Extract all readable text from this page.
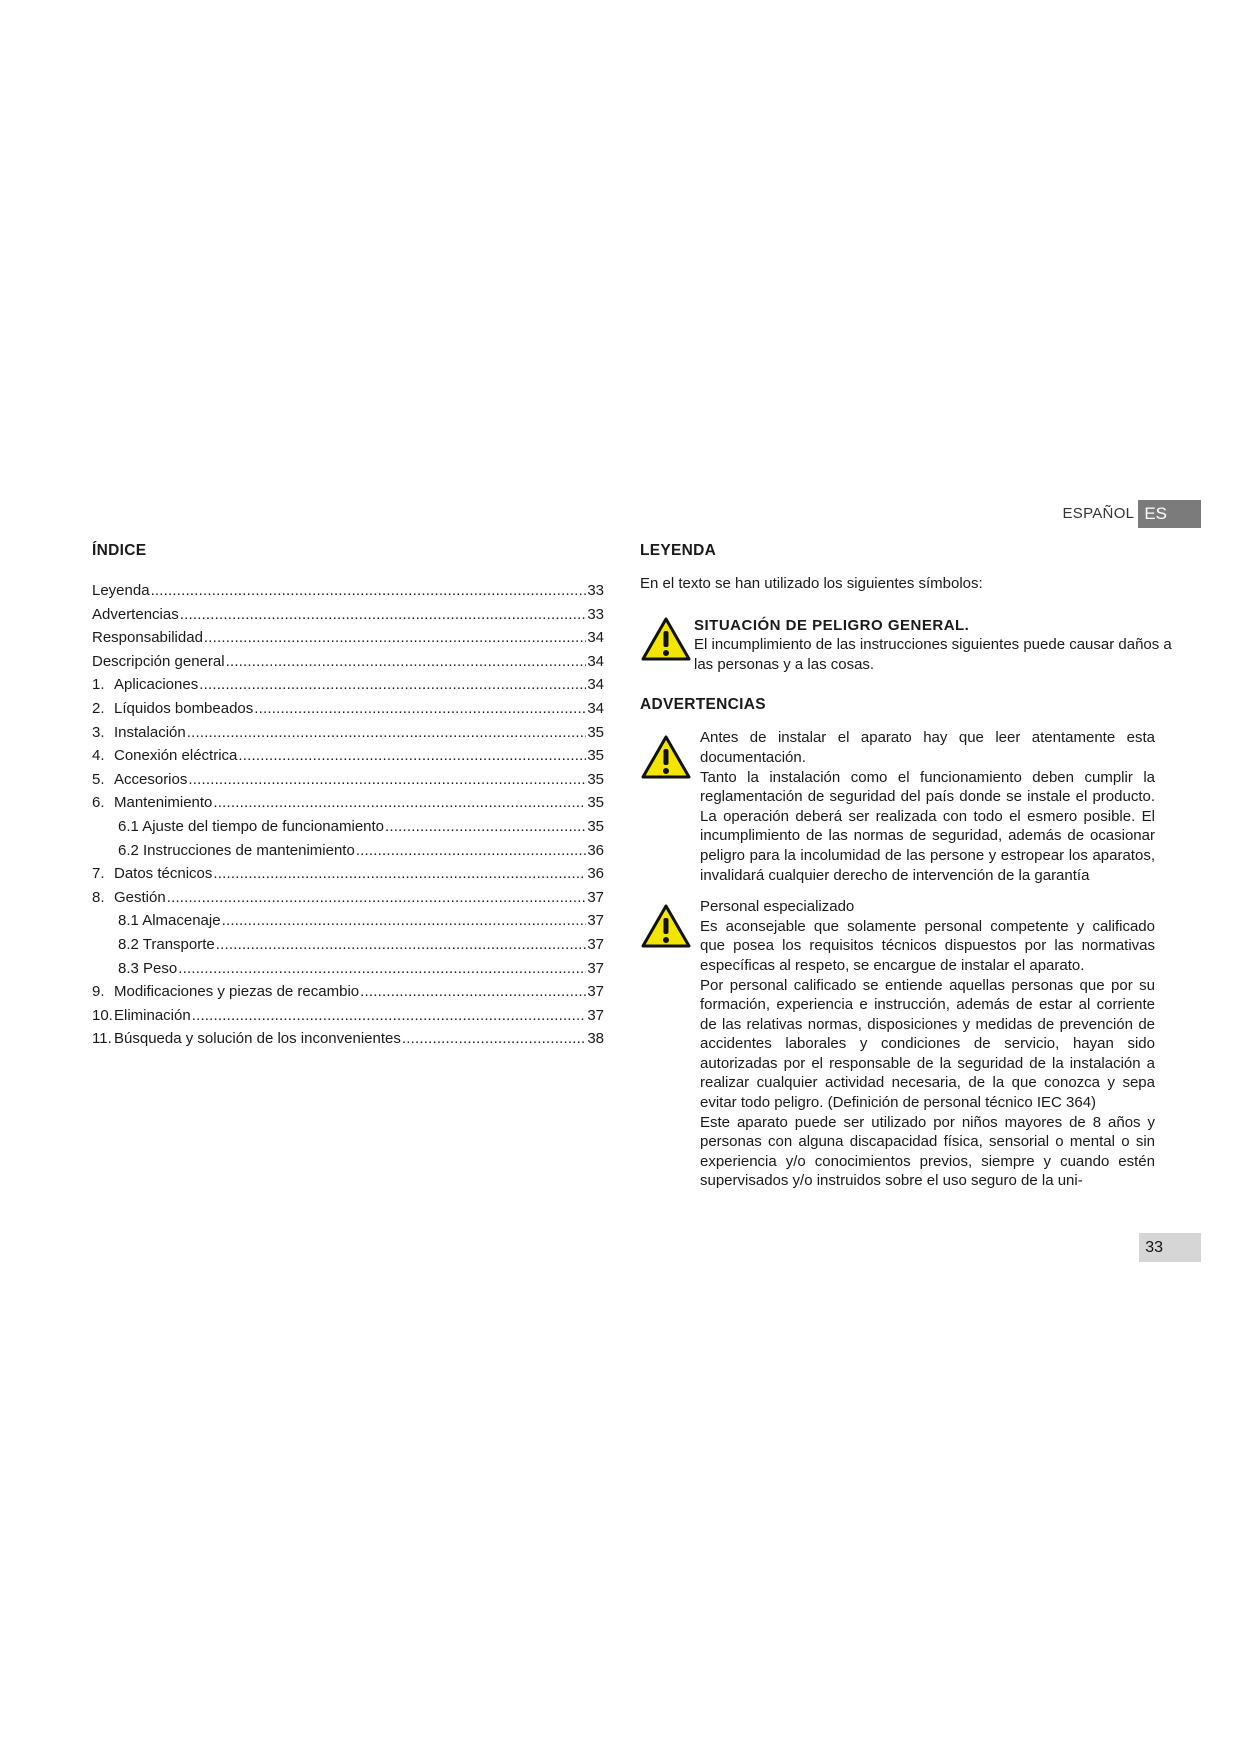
ESPAÑOL ES
ÍNDICE
Leyenda .....	33
Advertencias .....	33
Responsabilidad .....	34
Descripción general .....	34
1. Aplicaciones .....	34
2. Líquidos bombeados .....	34
3. Instalación .....	35
4. Conexión eléctrica .....	35
5. Accesorios .....	35
6. Mantenimiento .....	35
6.1 Ajuste del tiempo de funcionamiento .....	35
6.2 Instrucciones de mantenimiento .....	36
7. Datos técnicos .....	36
8. Gestión .....	37
8.1 Almacenaje .....	37
8.2 Transporte .....	37
8.3 Peso .....	37
9. Modificaciones y piezas de recambio .....	37
10. Eliminación .....	37
11. Búsqueda y solución de los inconvenientes .....	38
LEYENDA

En el texto se han utilizado los siguientes símbolos:

SITUACIÓN DE PELIGRO GENERAL.

El incumplimiento de las instrucciones siguientes puede causar daños a las personas y a las cosas.

ADVERTENCIAS

Antes de instalar el aparato hay que leer atentamente esta documentación.

Tanto la instalación como el funcionamiento deben cumplir la reglamentación de seguridad del país donde se instale el producto. La operación deberá ser realizada con todo el esmero posible. El incumplimiento de las normas de seguridad, además de ocasionar peligro para la incolumidad de las persone y estropear los aparatos, invalidará cualquier derecho de intervención de la garantía

Personal especializado

Es aconsejable que solamente personal competente y calificado que posea los requisitos técnicos dispuestos por las normativas específicas al respeto, se encargue de instalar el aparato.

Por personal calificado se entiende aquellas personas que por su formación, experiencia e instrucción, además de estar al corriente de las relativas normas, disposiciones y medidas de prevención de accidentes laborales y condiciones de servicio, hayan sido autorizadas por el responsable de la seguridad de la instalación a realizar cualquier actividad necesaria, de la que conozca y sepa evitar todo peligro. (Definición de personal técnico IEC 364)

Este aparato puede ser utilizado por niños mayores de 8 años y personas con alguna discapacidad física, sensorial o mental o sin experiencia y/o conocimientos previos, siempre y cuando estén supervisados y/o instruidos sobre el uso seguro de la uni-

33
